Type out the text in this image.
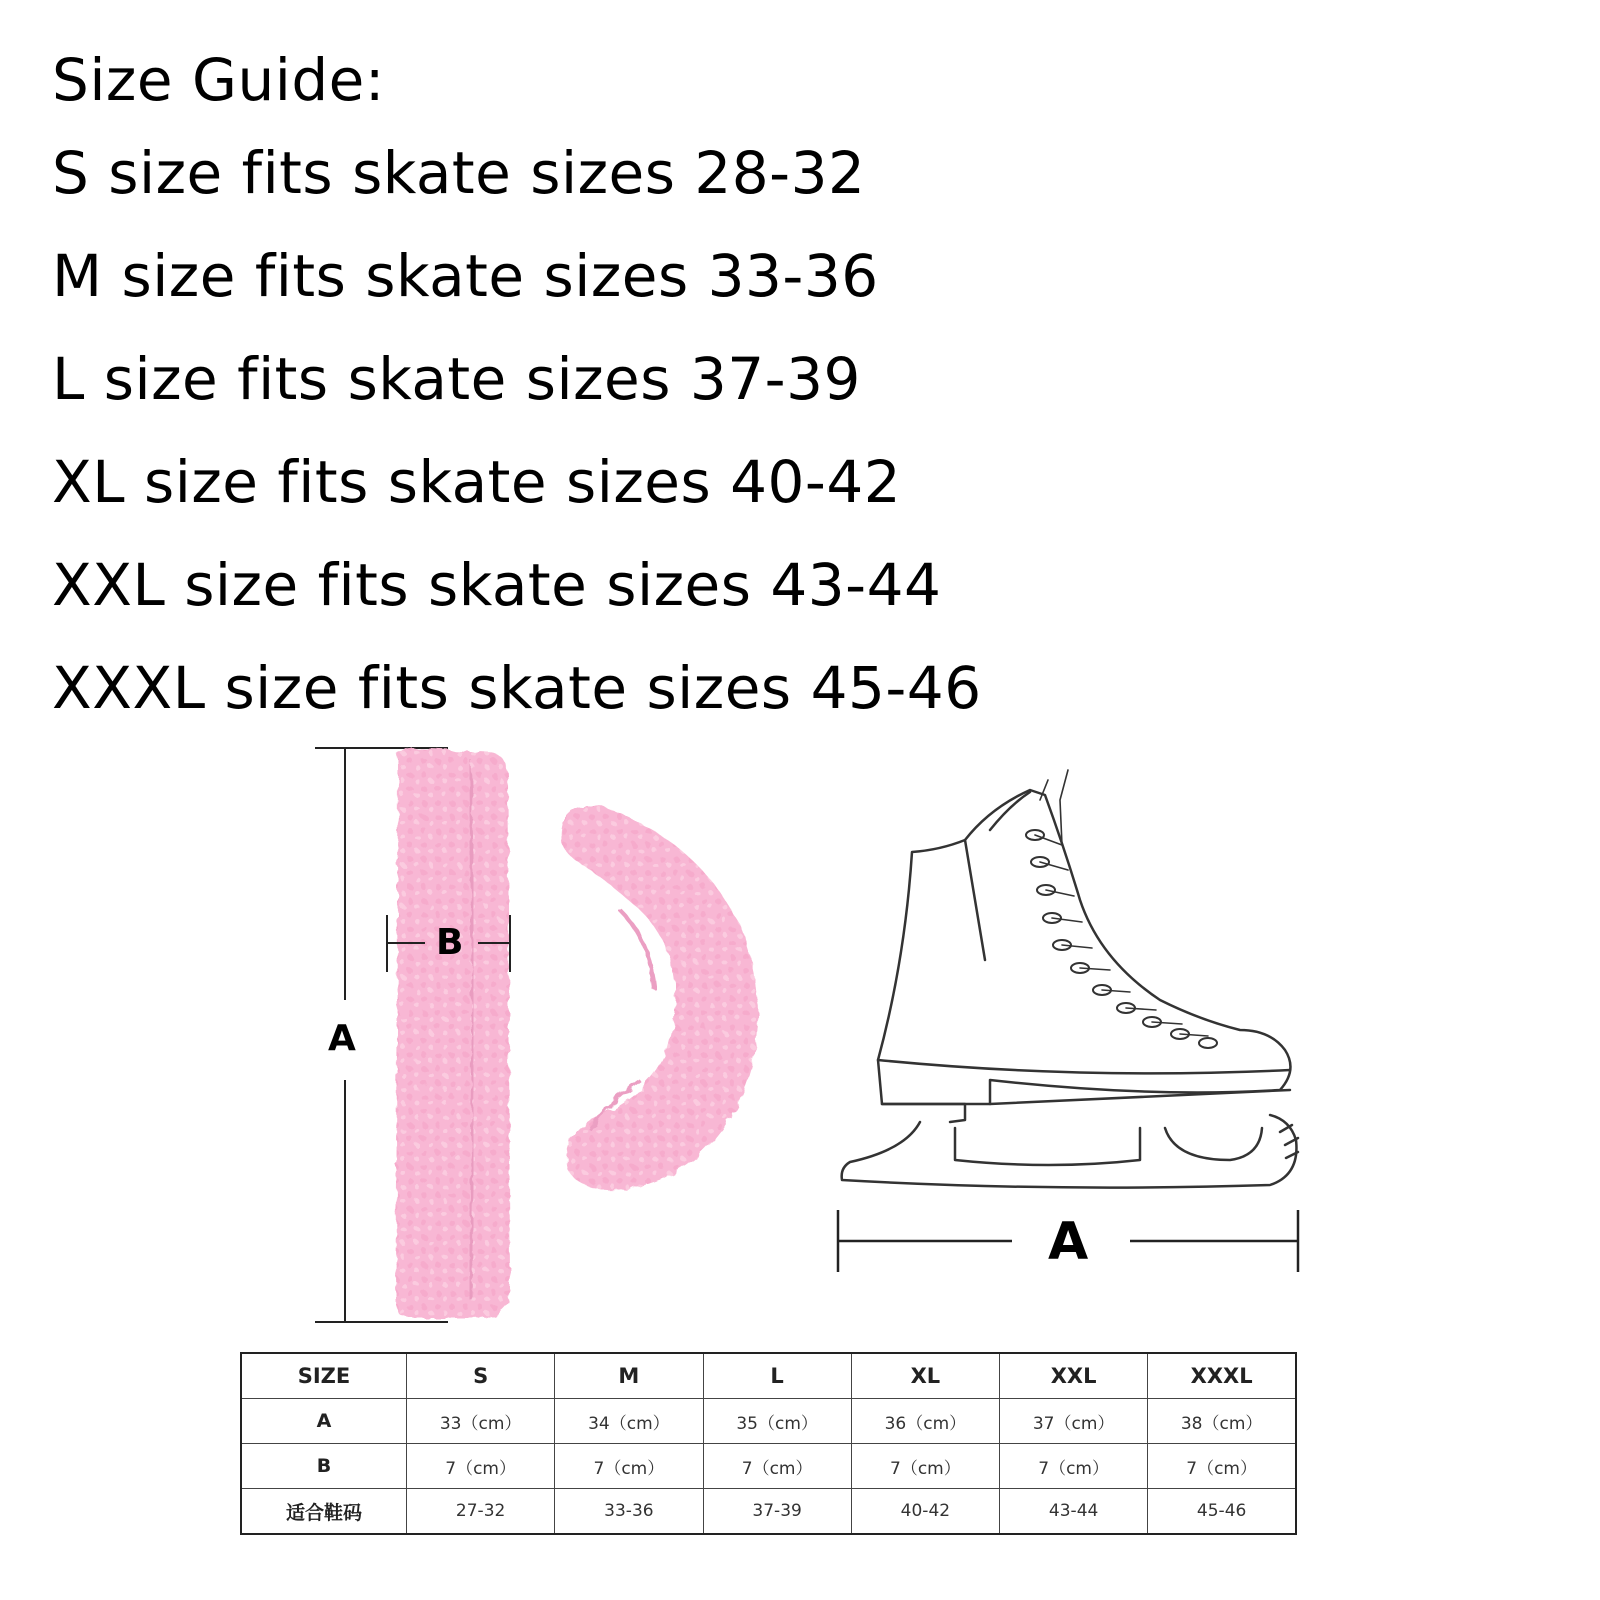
Size Guide:
S size fits skate sizes 28-32
M size fits skate sizes 33-36
L size fits skate sizes 37-39
XL size fits skate sizes 40-42
XXL size fits skate sizes 43-44
XXXL size fits skate sizes 45-46
A
B
A
SIZE	S	M	L	XL	XXL	XXXL
A	33（cm）	34（cm）	35（cm）	36（cm）	37（cm）	38（cm）
B	7（cm）	7（cm）	7（cm）	7（cm）	7（cm）	7（cm）
适合鞋码	27-32	33-36	37-39	40-42	43-44	45-46
